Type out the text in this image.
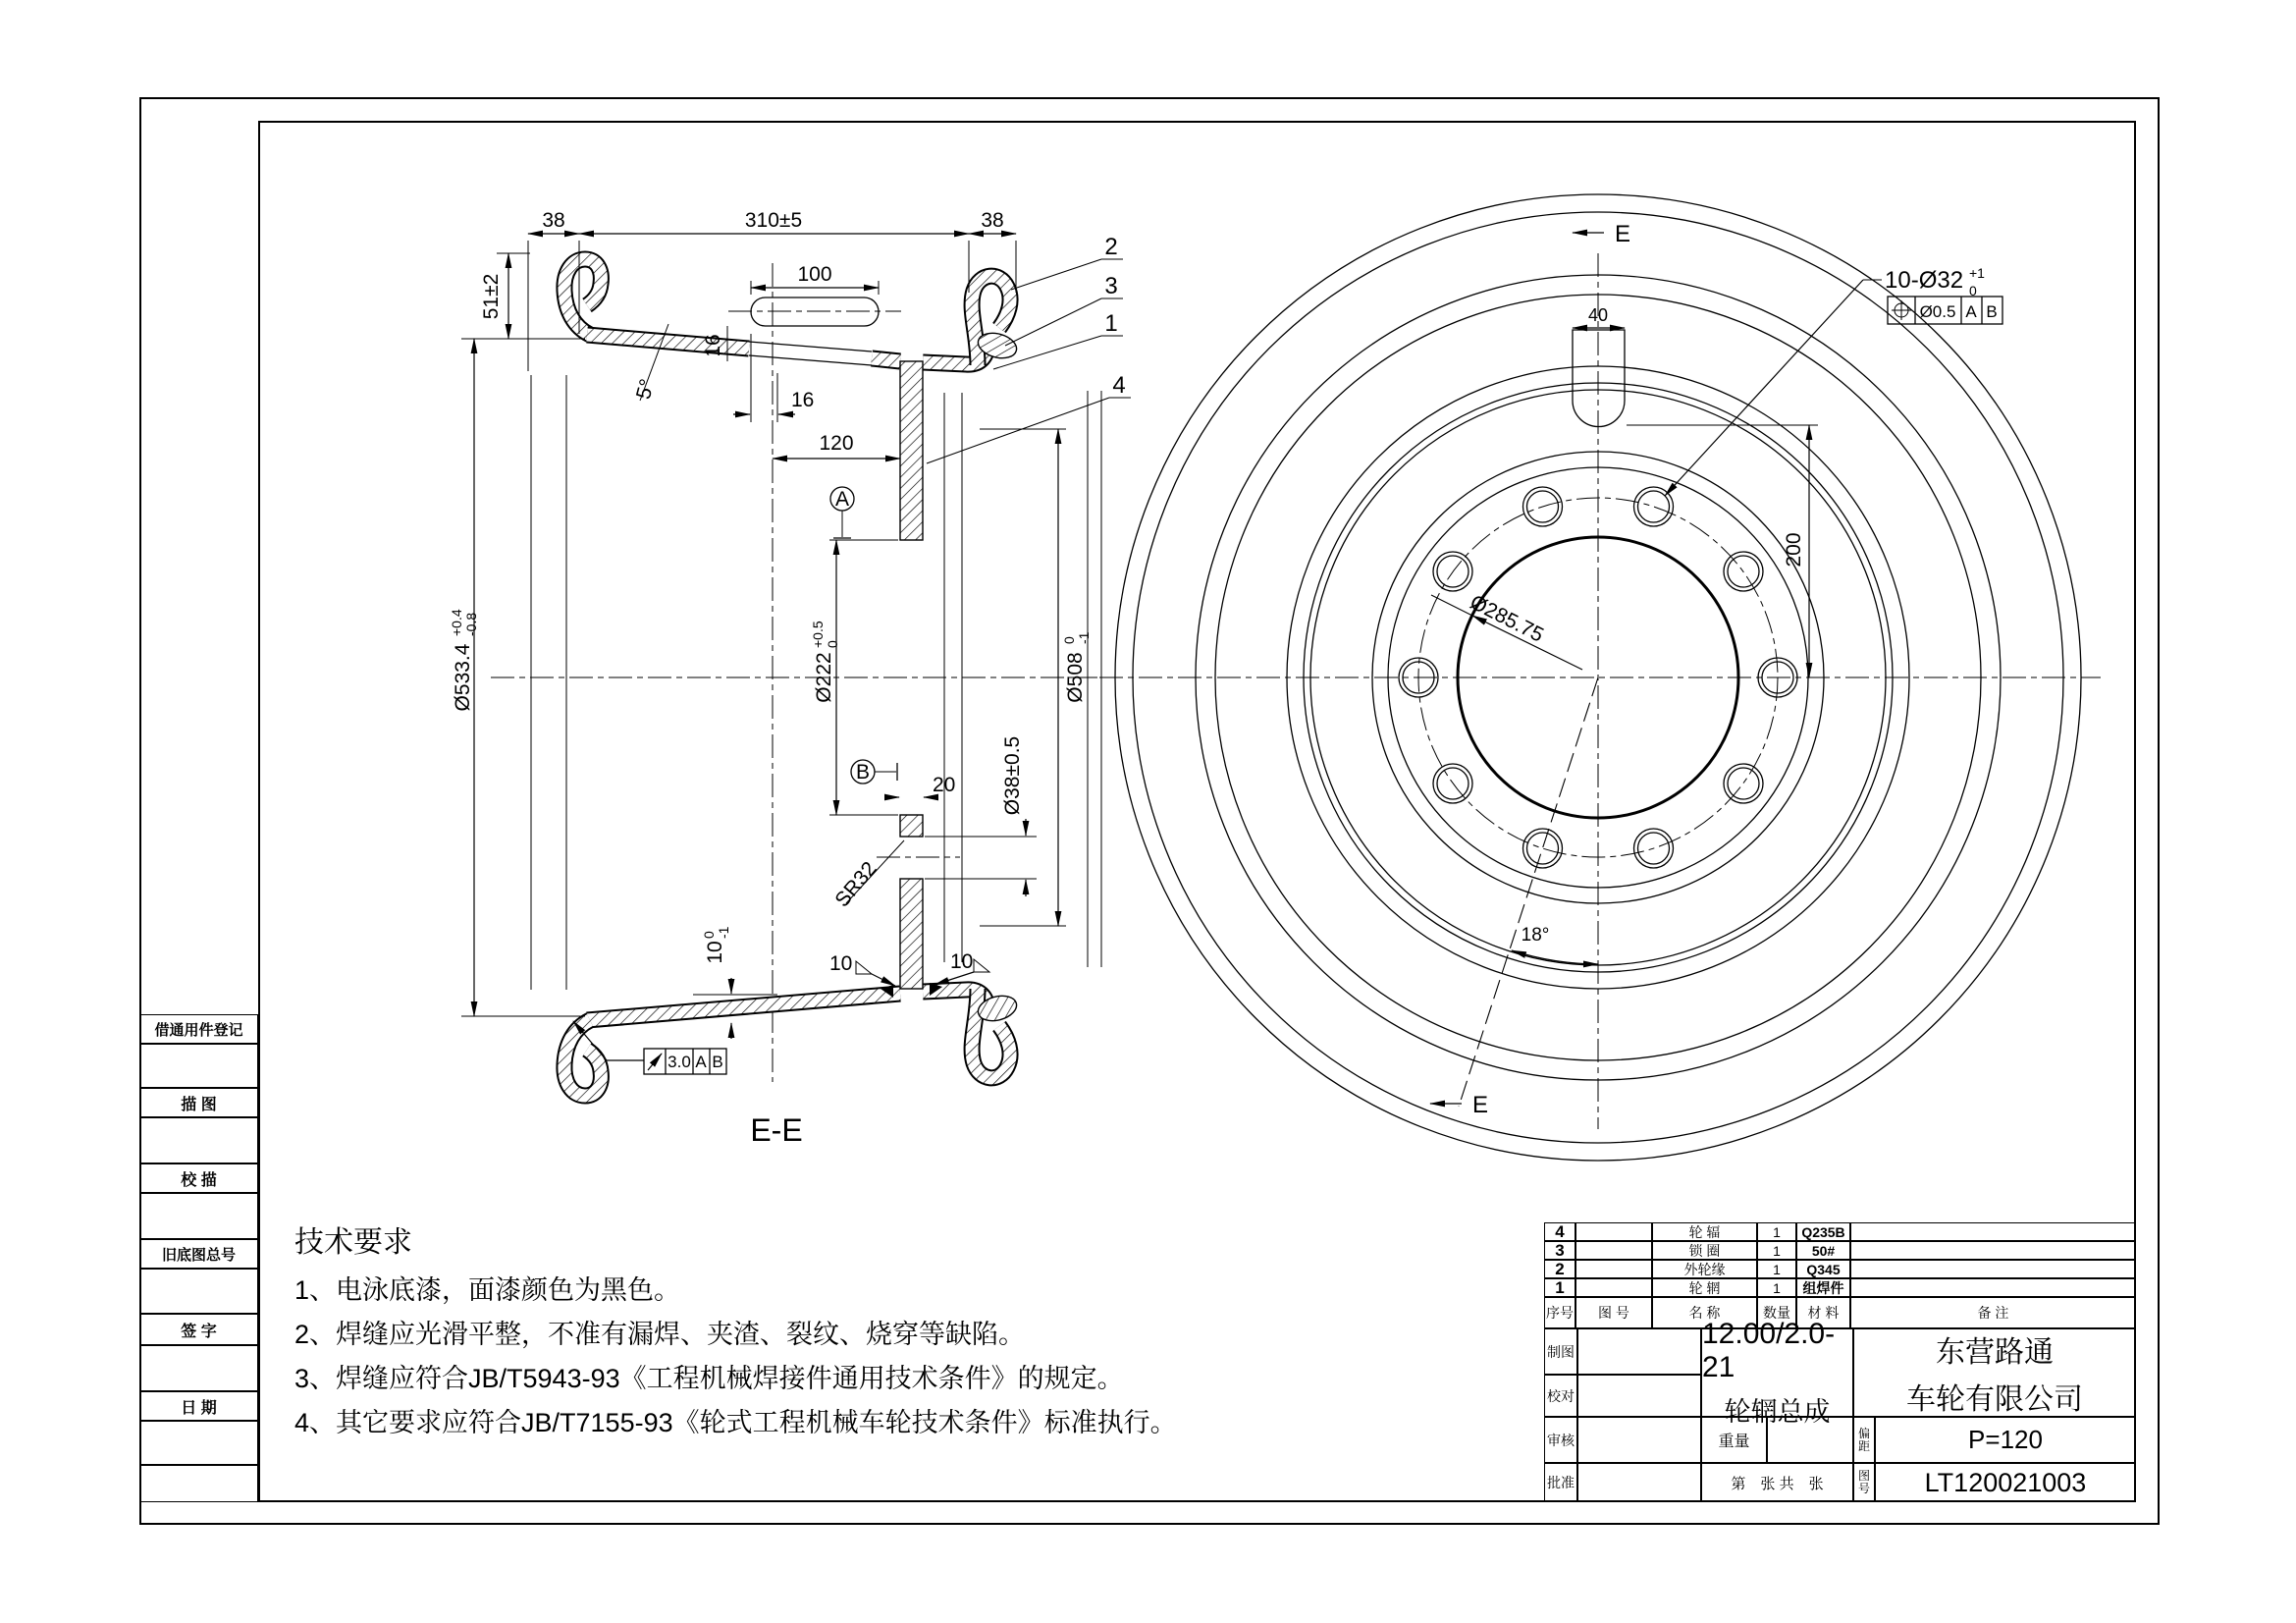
5°
38	310±5	38
51±2	100
16
16
120
Ø533.4
+0.4 -0.8
Ø222
+0.5 0
A
B
Ø508
0 -1
Ø38±0.5
20
SR32
10
0 -1
10	10
3.0 A B
2
3
1
4
E-E
Ø285.75
40
200
18°
E
E
10-Ø32 +1
0
Ø0.5 A B
技术要求
1、电泳底漆，面漆颜色为黑色。
2、焊缝应光滑平整，不准有漏焊、夹渣、裂纹、烧穿等缺陷。
3、焊缝应符合JB/T5943-93《工程机械焊接件通用技术条件》的规定。
4、其它要求应符合JB/T7155-93《轮式工程机械车轮技术条件》标准执行。
借通用件登记
描 图
校 描
旧底图总号
签 字
日 期
4	轮 辐	1	Q235B
3	锁 圈	1	50#
2	外轮缘	1	Q345
1	轮 辋	1	组焊件
序号	图 号	名 称	数量	材 料	备 注
制图
校对
审核
批准
12.00/2.0-21
轮辋总成
东营路通
车轮有限公司
重量
偏距	P=120
第　张 共　张	图号	LT120021003
